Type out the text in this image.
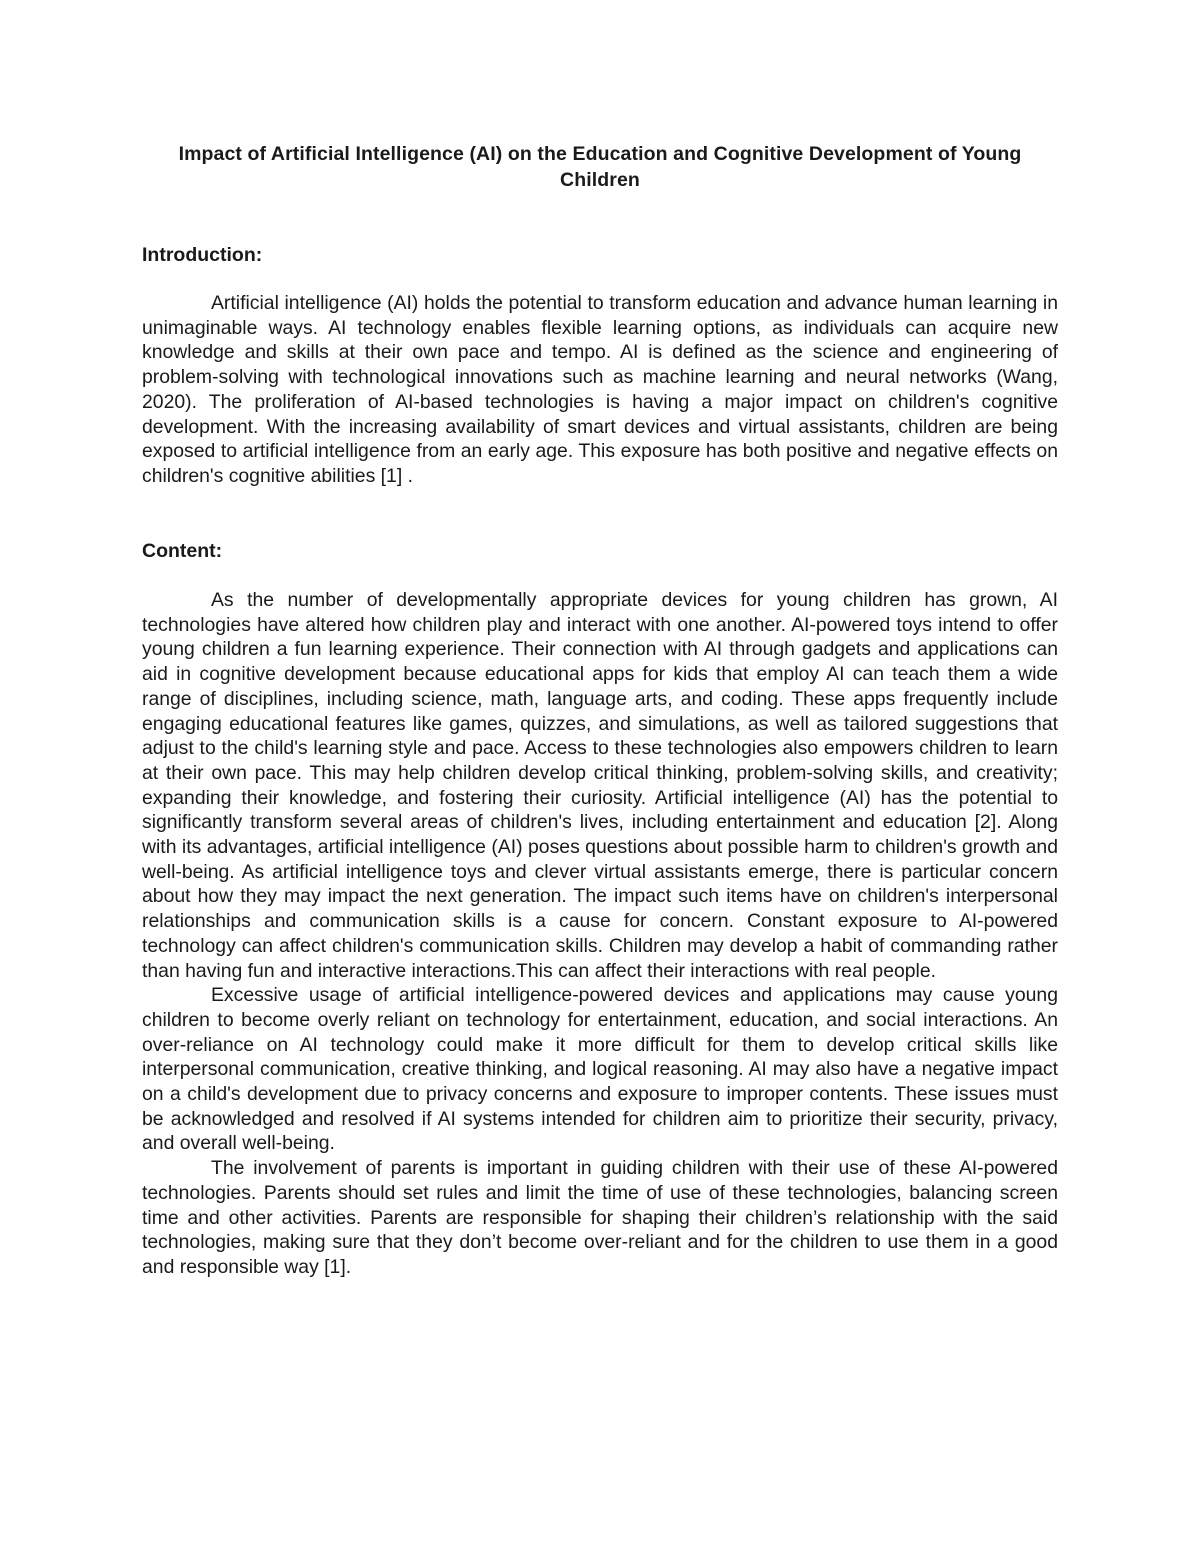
Impact of Artificial Intelligence (AI) on the Education and Cognitive Development of Young Children
Introduction:

Artificial intelligence (AI) holds the potential to transform education and advance human learning in unimaginable ways. AI technology enables flexible learning options, as individuals can acquire new knowledge and skills at their own pace and tempo. AI is defined as the science and engineering of problem-solving with technological innovations such as machine learning and neural networks (Wang, 2020). The proliferation of AI-based technologies is having a major impact on children's cognitive development. With the increasing availability of smart devices and virtual assistants, children are being exposed to artificial intelligence from an early age. This exposure has both positive and negative effects on children's cognitive abilities [1] .

Content:

As the number of developmentally appropriate devices for young children has grown, AI technologies have altered how children play and interact with one another. AI-powered toys intend to offer young children a fun learning experience. Their connection with AI through gadgets and applications can aid in cognitive development because educational apps for kids that employ AI can teach them a wide range of disciplines, including science, math, language arts, and coding. These apps frequently include engaging educational features like games, quizzes, and simulations, as well as tailored suggestions that adjust to the child's learning style and pace. Access to these technologies also empowers children to learn at their own pace. This may help children develop critical thinking, problem-solving skills, and creativity; expanding their knowledge, and fostering their curiosity. Artificial intelligence (AI) has the potential to significantly transform several areas of children's lives, including entertainment and education [2]. Along with its advantages, artificial intelligence (AI) poses questions about possible harm to children's growth and well-being. As artificial intelligence toys and clever virtual assistants emerge, there is particular concern about how they may impact the next generation. The impact such items have on children's interpersonal relationships and communication skills is a cause for concern. Constant exposure to AI-powered technology can affect children's communication skills. Children may develop a habit of commanding rather than having fun and interactive interactions.This can affect their interactions with real people.

Excessive usage of artificial intelligence-powered devices and applications may cause young children to become overly reliant on technology for entertainment, education, and social interactions. An over-reliance on AI technology could make it more difficult for them to develop critical skills like interpersonal communication, creative thinking, and logical reasoning. AI may also have a negative impact on a child's development due to privacy concerns and exposure to improper contents. These issues must be acknowledged and resolved if AI systems intended for children aim to prioritize their security, privacy, and overall well-being.

The involvement of parents is important in guiding children with their use of these AI-powered technologies. Parents should set rules and limit the time of use of these technologies, balancing screen time and other activities. Parents are responsible for shaping their children’s relationship with the said technologies, making sure that they don’t become over-reliant and for the children to use them in a good and responsible way [1].
